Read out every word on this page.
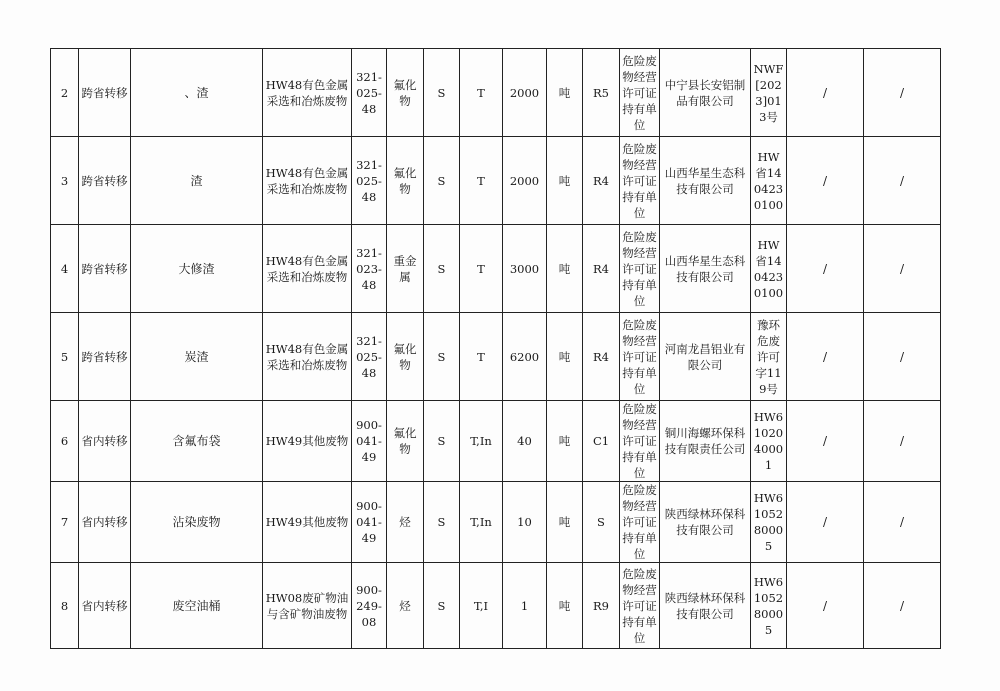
2	跨省转移	、渣	HW48有色金属采选和冶炼废物	321-025-48	氟化物	S	T	2000	吨	R5	危险废物经营许可证持有单位	中宁县长安铝制品有限公司	NWF[2023]013号	/	/
3	跨省转移	渣	HW48有色金属采选和冶炼废物	321-025-48	氟化物	S	T	2000	吨	R4	危险废物经营许可证持有单位	山西华星生态科技有限公司	HW省1404230100	/	/
4	跨省转移	大修渣	HW48有色金属采选和冶炼废物	321-023-48	重金属	S	T	3000	吨	R4	危险废物经营许可证持有单位	山西华星生态科技有限公司	HW省1404230100	/	/
5	跨省转移	炭渣	HW48有色金属采选和冶炼废物	321-025-48	氟化物	S	T	6200	吨	R4	危险废物经营许可证持有单位	河南龙昌铝业有限公司	豫环危废许可字119号	/	/
6	省内转移	含氟布袋	HW49其他废物	900-041-49	氟化物	S	T,In	40	吨	C1	危险废物经营许可证持有单位	铜川海螺环保科技有限责任公司	HW6102040001	/	/
7	省内转移	沾染废物	HW49其他废物	900-041-49	烃	S	T,In	10	吨	S	危险废物经营许可证持有单位	陕西绿林环保科技有限公司	HW6105280005	/	/
8	省内转移	废空油桶	HW08废矿物油与含矿物油废物	900-249-08	烃	S	T,I	1	吨	R9	危险废物经营许可证持有单位	陕西绿林环保科技有限公司	HW6105280005	/	/
